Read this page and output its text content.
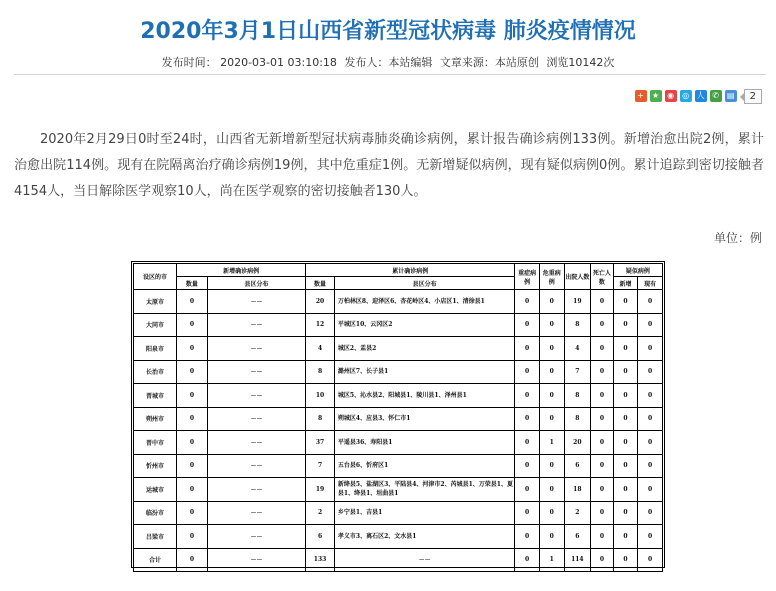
2020年3月1日山西省新型冠状病毒 肺炎疫情情况
发布时间： 2020-03-01 03:10:18 发布人：本站编辑 文章来源：本站原创 浏览10142次
+	★ ◉	◎ 人 ✆ ▤	2
2020年2月29日0时至24时，山西省无新增新型冠状病毒肺炎确诊病例，累计报告确诊病例133例。新增治愈出院2例，累计治愈出院114例。现有在院隔离治疗确诊病例19例，其中危重症1例。无新增疑似病例，现有疑似病例0例。累计追踪到密切接触者4154人，当日解除医学观察10人，尚在医学观察的密切接触者130人。
单位：例
设区的市	新增确诊病例		累计确诊病例		重症病例	危重病例	出院人数	死亡人数	疑似病例	
	数量	县区分布	数量	县区分布					新增	现有
太原市	0	－－	20	万柏林区8、迎泽区6、杏花岭区4、小店区1、清徐县1	0	0	19	0	0	0
大同市	0	－－	12	平城区10、云冈区2	0	0	8	0	0	0
阳泉市	0	－－	4	城区2、盂县2	0	0	4	0	0	0
长治市	0	－－	8	潞州区7、长子县1	0	0	7	0	0	0
晋城市	0	－－	10	城区5、沁水县2、阳城县1、陵川县1、泽州县1	0	0	8	0	0	0
朔州市	0	－－	8	朔城区4、应县3、怀仁市1	0	0	8	0	0	0
晋中市	0	－－	37	平遥县36、寿阳县1	0	1	20	0	0	0
忻州市	0	－－	7	五台县6、忻府区1	0	0	6	0	0	0
运城市	0	－－	19	新绛县5、盐湖区3、平陆县4、河津市2、芮城县1、万荣县1、夏县1、绛县1、垣曲县1	0	0	18	0	0	0
临汾市	0	－－	2	乡宁县1、吉县1	0	0	2	0	0	0
吕梁市	0	－－	6	孝义市3、离石区2、文水县1	0	0	6	0	0	0
合计	0	－－	133	－－	0	1	114	0	0	0
